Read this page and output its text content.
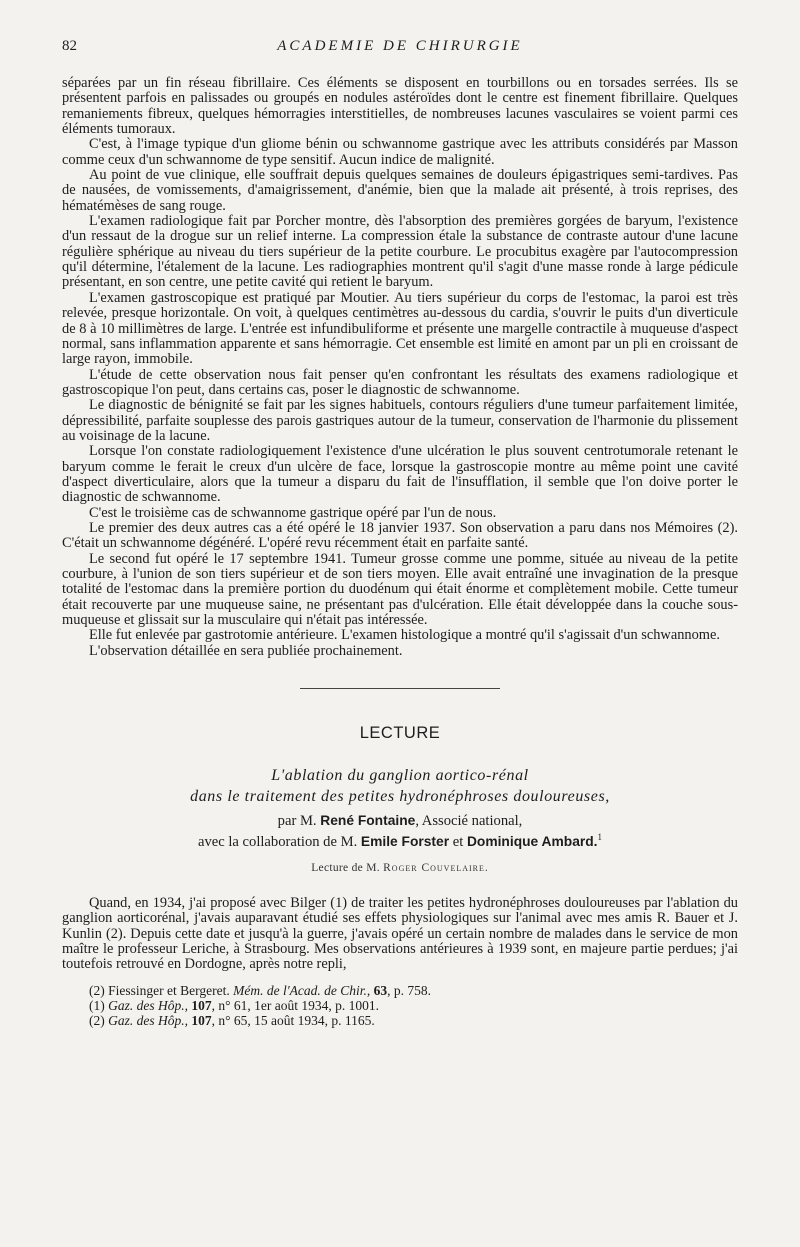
82	ACADEMIE DE CHIRURGIE

séparées par un fin réseau fibrillaire. Ces éléments se disposent en tourbillons ou en torsades serrées. Ils se présentent parfois en palissades ou groupés en nodules astéroïdes dont le centre est finement fibrillaire. Quelques remaniements fibreux, quelques hémorragies interstitielles, de nombreuses lacunes vasculaires se voient parmi ces éléments tumoraux.

C'est, à l'image typique d'un gliome bénin ou schwannome gastrique avec les attributs considérés par Masson comme ceux d'un schwannome de type sensitif. Aucun indice de malignité.

Au point de vue clinique, elle souffrait depuis quelques semaines de douleurs épigastriques semi-tardives. Pas de nausées, de vomissements, d'amaigrissement, d'anémie, bien que la malade ait présenté, à trois reprises, des hématémèses de sang rouge.

L'examen radiologique fait par Porcher montre, dès l'absorption des premières gorgées de baryum, l'existence d'un ressaut de la drogue sur un relief interne. La compression étale la substance de contraste autour d'une lacune régulière sphérique au niveau du tiers supérieur de la petite courbure. Le procubitus exagère par l'autocompression qu'il détermine, l'étalement de la lacune. Les radiographies montrent qu'il s'agit d'une masse ronde à large pédicule présentant, en son centre, une petite cavité qui retient le baryum.

L'examen gastroscopique est pratiqué par Moutier. Au tiers supérieur du corps de l'estomac, la paroi est très relevée, presque horizontale. On voit, à quelques centimètres au-dessous du cardia, s'ouvrir le puits d'un diverticule de 8 à 10 millimètres de large. L'entrée est infundibuliforme et présente une margelle contractile à muqueuse d'aspect normal, sans inflammation apparente et sans hémorragie. Cet ensemble est limité en amont par un pli en croissant de large rayon, immobile.

L'étude de cette observation nous fait penser qu'en confrontant les résultats des examens radiologique et gastroscopique l'on peut, dans certains cas, poser le diagnostic de schwannome.

Le diagnostic de bénignité se fait par les signes habituels, contours réguliers d'une tumeur parfaitement limitée, dépressibilité, parfaite souplesse des parois gastriques autour de la tumeur, conservation de l'harmonie du plissement au voisinage de la lacune.

Lorsque l'on constate radiologiquement l'existence d'une ulcération le plus souvent centrotumorale retenant le baryum comme le ferait le creux d'un ulcère de face, lorsque la gastroscopie montre au même point une cavité d'aspect diverticulaire, alors que la tumeur a disparu du fait de l'insufflation, il semble que l'on doive porter le diagnostic de schwannome.

C'est le troisième cas de schwannome gastrique opéré par l'un de nous.

Le premier des deux autres cas a été opéré le 18 janvier 1937. Son observation a paru dans nos Mémoires (2). C'était un schwannome dégénéré. L'opéré revu récemment était en parfaite santé.

Le second fut opéré le 17 septembre 1941. Tumeur grosse comme une pomme, située au niveau de la petite courbure, à l'union de son tiers supérieur et de son tiers moyen. Elle avait entraîné une invagination de la presque totalité de l'estomac dans la première portion du duodénum qui était énorme et complètement mobile. Cette tumeur était recouverte par une muqueuse saine, ne présentant pas d'ulcération. Elle était développée dans la couche sous-muqueuse et glissait sur la musculaire qui n'était pas intéressée.

Elle fut enlevée par gastrotomie antérieure. L'examen histologique a montré qu'il s'agissait d'un schwannome.

L'observation détaillée en sera publiée prochainement.

LECTURE
L'ablation du ganglion aortico-rénal
dans le traitement des petites hydronéphroses douloureuses,
par M. René Fontaine, Associé national,
avec la collaboration de M. Emile Forster et Dominique Ambard.$^1$
Lecture de M. Roger Couvelaire.

Quand, en 1934, j'ai proposé avec Bilger (1) de traiter les petites hydronéphroses douloureuses par l'ablation du ganglion aorticorénal, j'avais auparavant étudié ses effets physiologiques sur l'animal avec mes amis R. Bauer et J. Kunlin (2). Depuis cette date et jusqu'à la guerre, j'avais opéré un certain nombre de malades dans le service de mon maître le professeur Leriche, à Strasbourg. Mes observations antérieures à 1939 sont, en majeure partie perdues; j'ai toutefois retrouvé en Dordogne, après notre repli,

(2) Fiessinger et Bergeret. Mém. de l'Acad. de Chir., 63, p. 758.
(1) Gaz. des Hôp., 107, n° 61, 1er août 1934, p. 1001.
(2) Gaz. des Hôp., 107, n° 65, 15 août 1934, p. 1165.
